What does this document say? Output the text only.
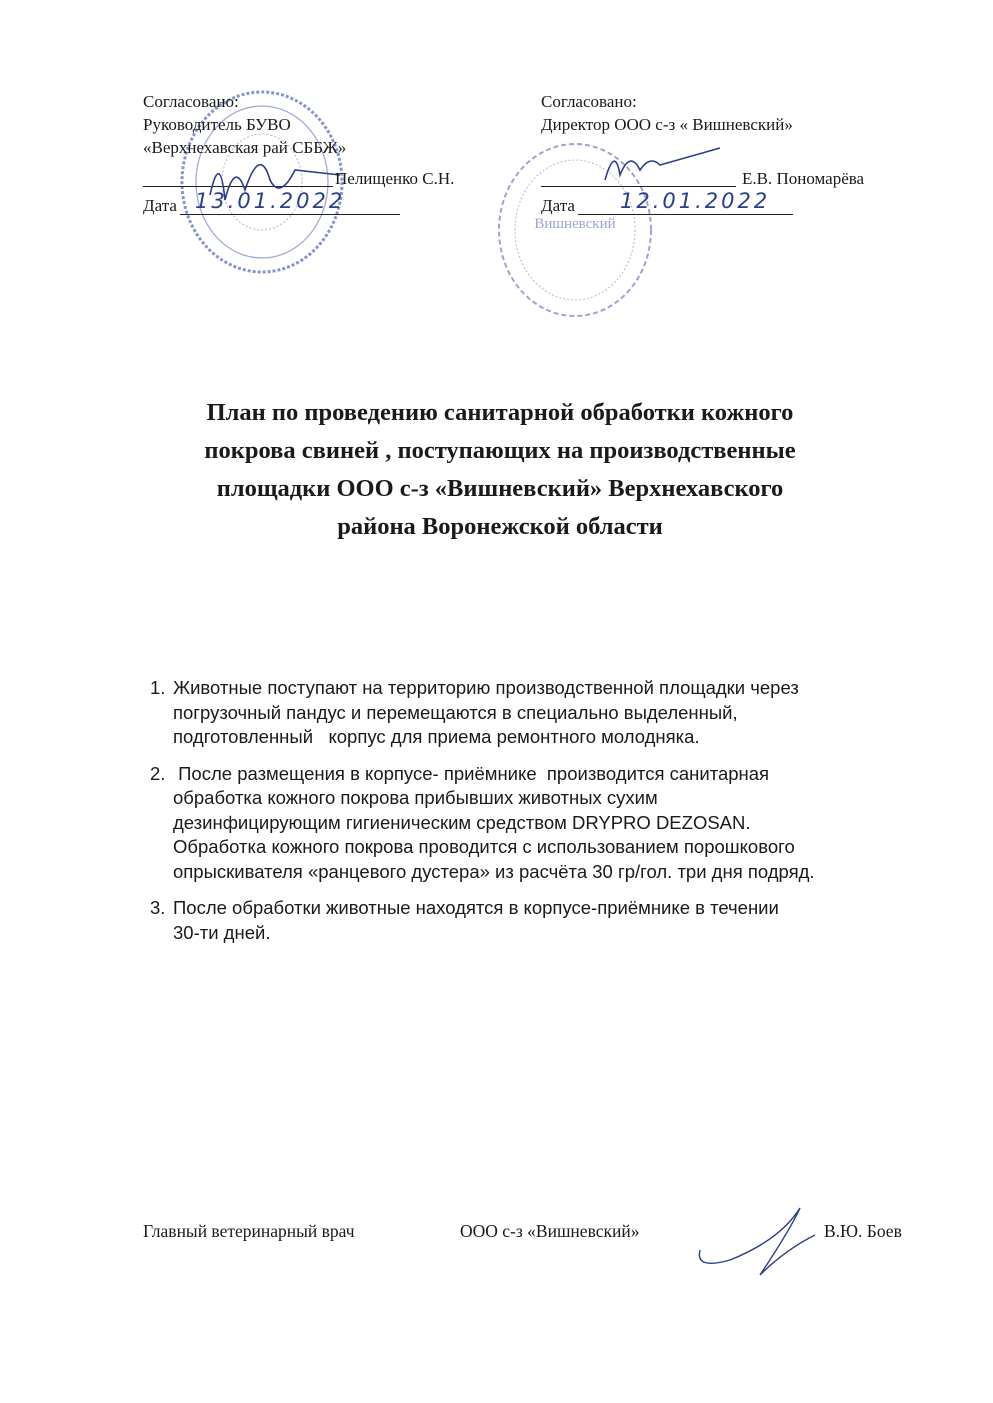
Вишневский
Согласовано:
Руководитель БУВО
«Верхнехавская рай СББЖ»
Пелищенко С.Н.
Дата 13.01.2022
Согласовано:
Директор ООО с-з « Вишневский»
Е.В. Пономарёва
Дата 12.01.2022
План по проведению санитарной обработки кожного
покрова свиней , поступающих на производственные
площадки ООО с-з «Вишневский» Верхнехавского
района Воронежской области
1. Животные поступают на территорию производственной площадки через
погрузочный пандус и перемещаются в специально выделенный,
подготовленный   корпус для приема ремонтного молодняка.
2. После размещения в корпусе- приёмнике  производится санитарная
обработка кожного покрова прибывших животных сухим
дезинфицирующим гигиеническим средством DRYPRO DEZOSAN.
Обработка кожного покрова проводится с использованием порошкового
опрыскивателя «ранцевого дустера» из расчёта 30 гр/гол. три дня подряд.
3. После обработки животные находятся в корпусе-приёмнике в течении
30-ти дней.
Главный ветеринарный врач	ООО с-з «Вишневский»	В.Ю. Боев
